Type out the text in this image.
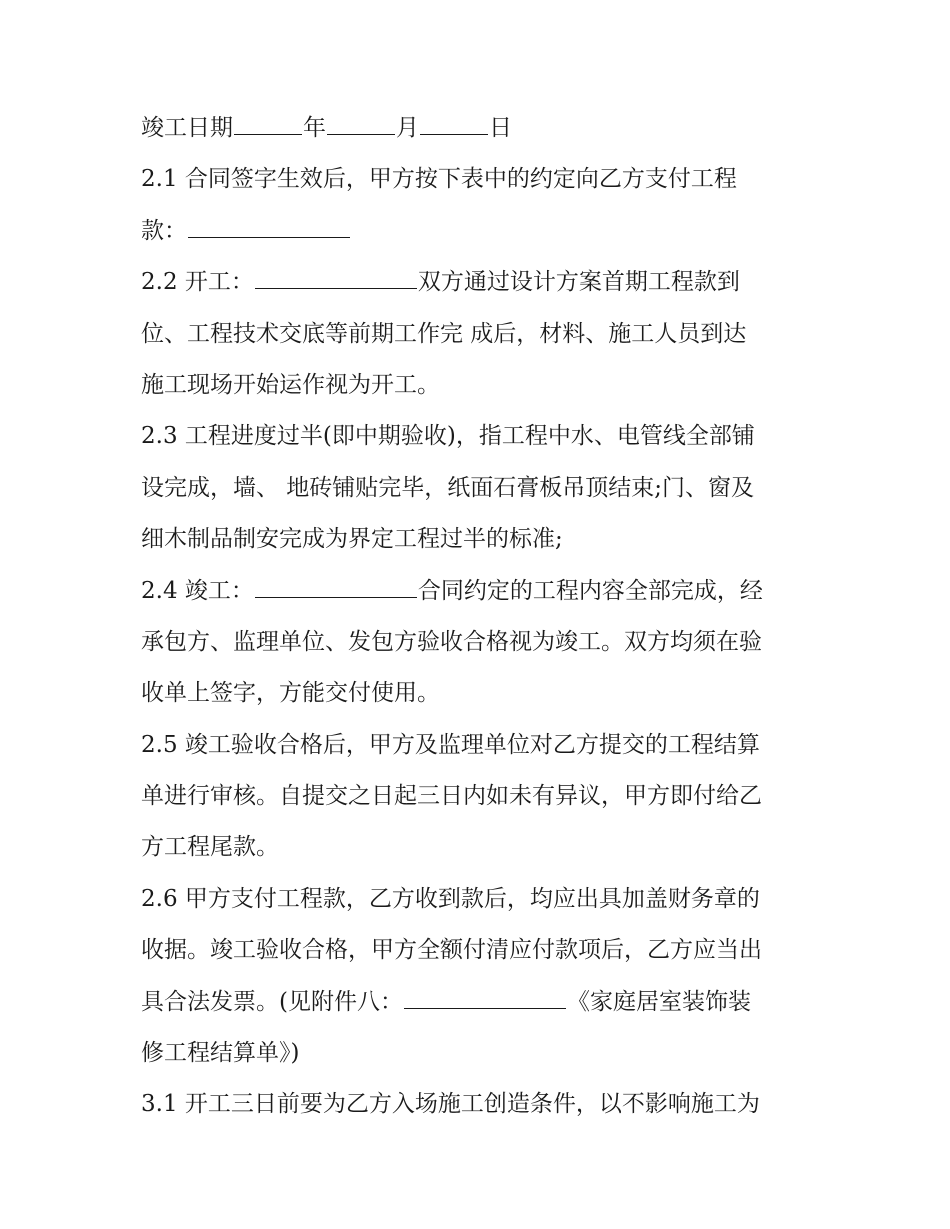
竣工日期	年	月	日
2.1 合同签字生效后，甲方按下表中的约定向乙方支付工程
款：
2.2 开工：	双方通过设计方案首期工程款到
位、工程技术交底等前期工作完 成后，材料、施工人员到达
施工现场开始运作视为开工。
2.3 工程进度过半(即中期验收)，指工程中水、电管线全部铺
设完成，墙、 地砖铺贴完毕，纸面石膏板吊顶结束;门、窗及
细木制品制安完成为界定工程过半的标准;
2.4 竣工：	合同约定的工程内容全部完成，经
承包方、监理单位、发包方验收合格视为竣工。双方均须在验
收单上签字，方能交付使用。
2.5 竣工验收合格后，甲方及监理单位对乙方提交的工程结算
单进行审核。自提交之日起三日内如未有异议，甲方即付给乙
方工程尾款。
2.6 甲方支付工程款，乙方收到款后，均应出具加盖财务章的
收据。竣工验收合格，甲方全额付清应付款项后，乙方应当出
具合法发票。(见附件八：	《家庭居室装饰装
修工程结算单》)
3.1 开工三日前要为乙方入场施工创造条件，以不影响施工为
